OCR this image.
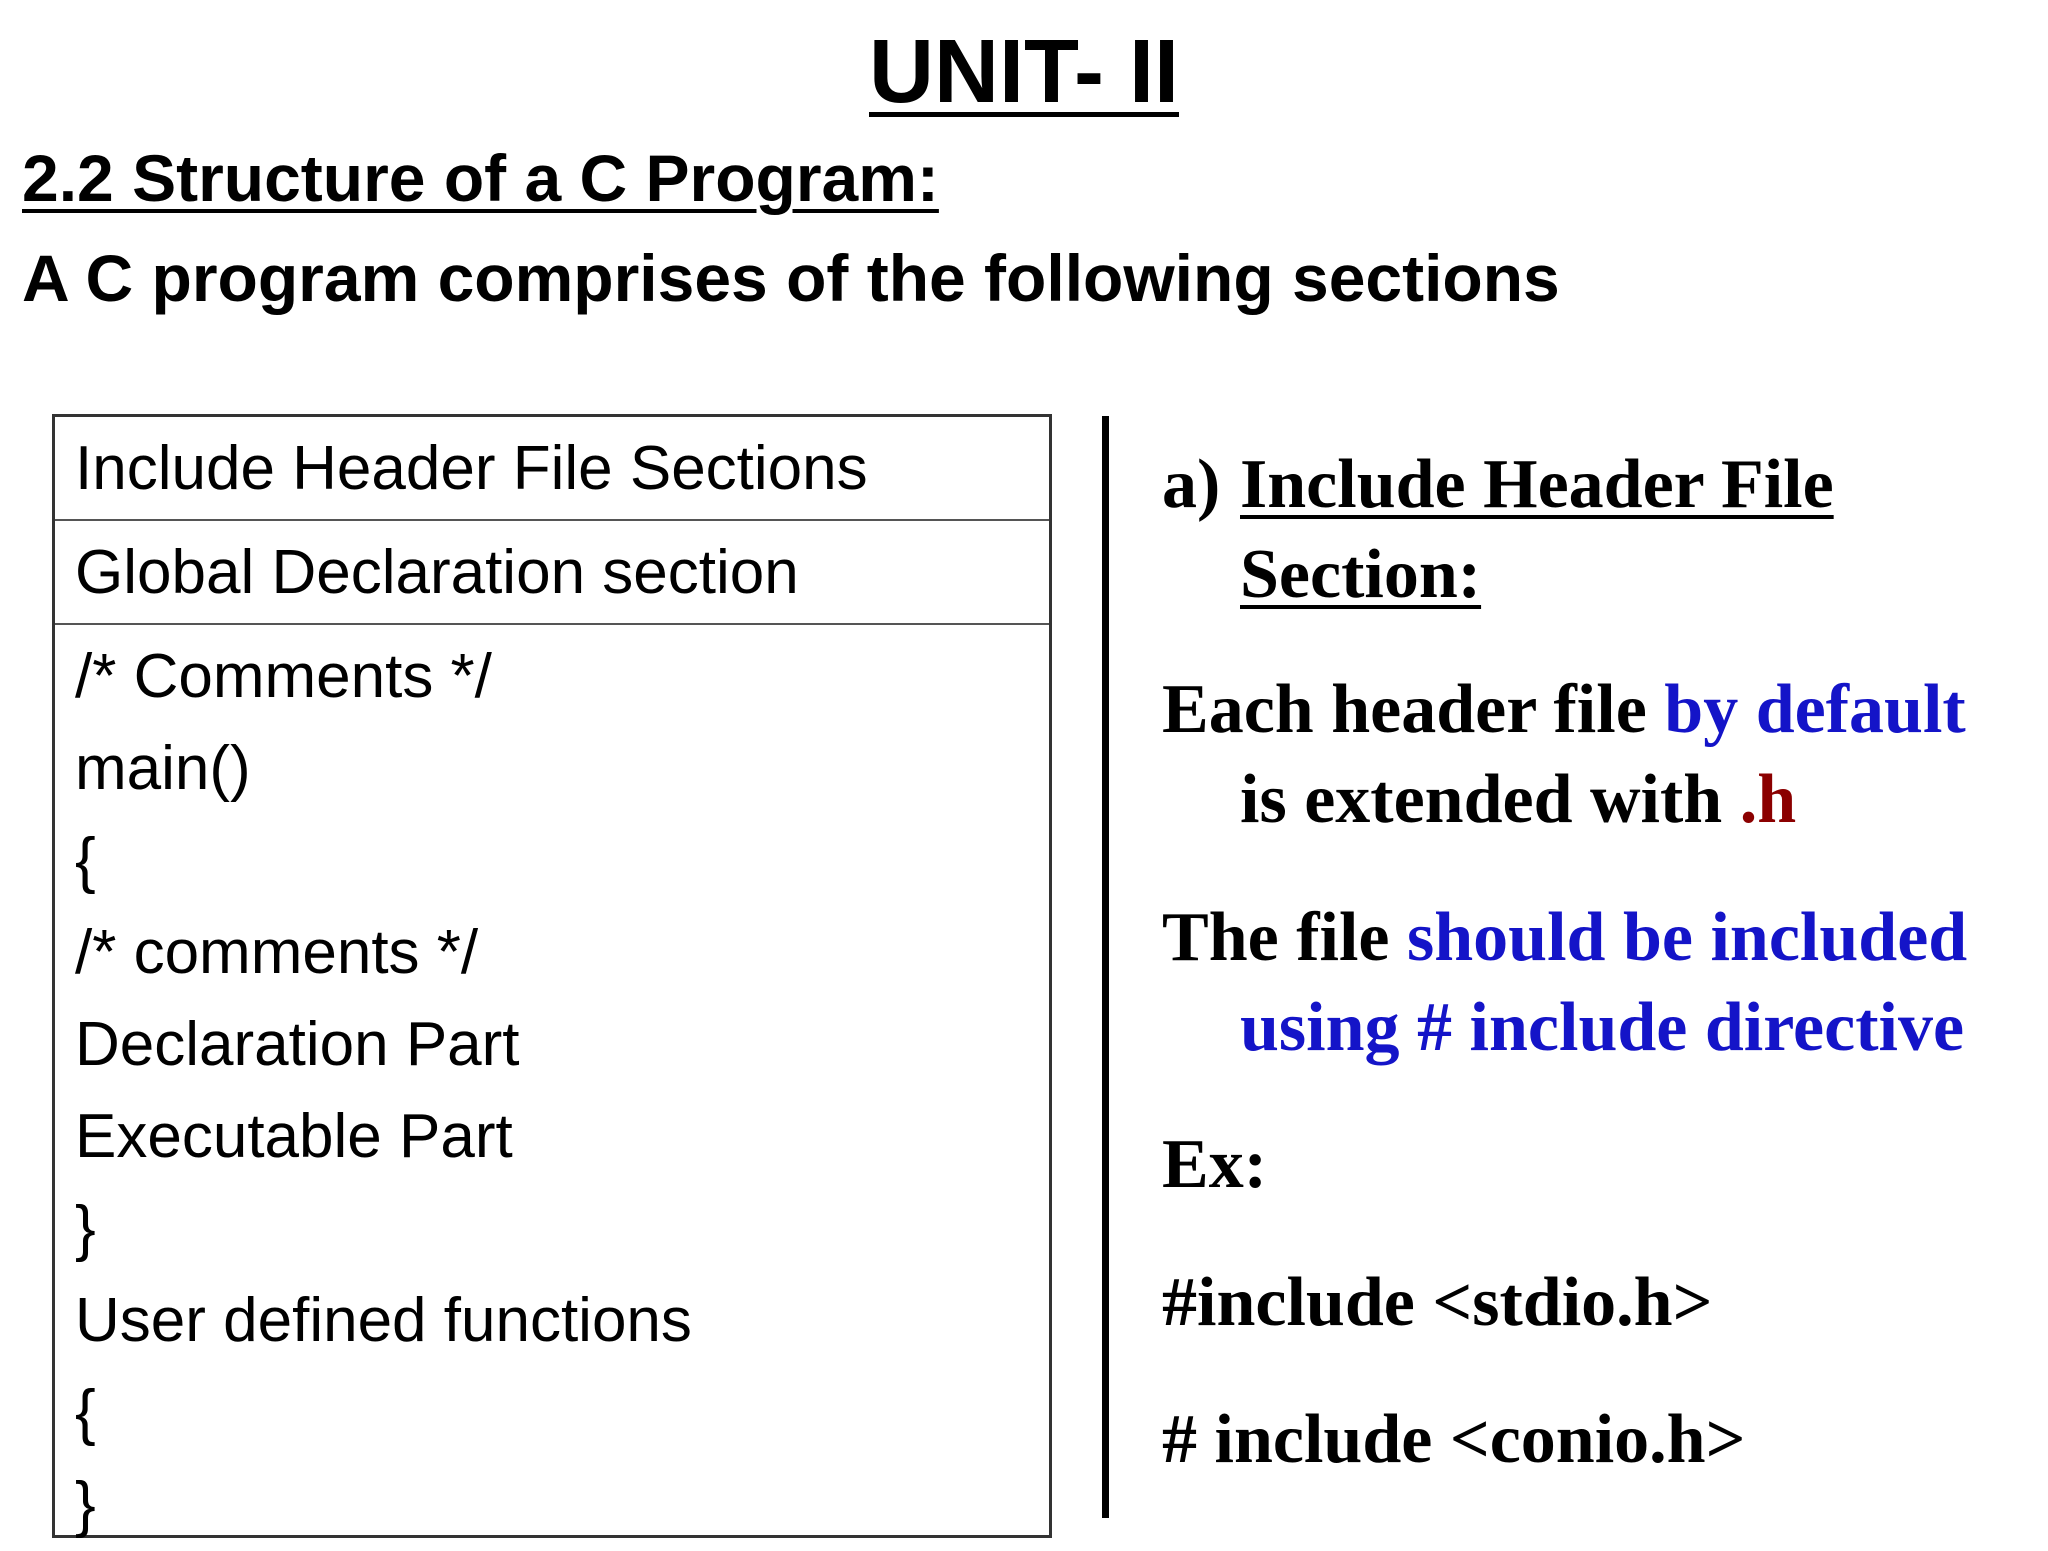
UNIT- II
2.2 Structure of a C Program:
A C program comprises of the following sections
Include Header File Sections
Global Declaration section
/* Comments */
main()
{
/* comments */
Declaration Part
Executable Part
}
User defined functions
{
}
a) Include Header File
Section:
Each header file by default
is extended with .h
The file should be included
using # include directive
Ex:
#include <stdio.h>
# include <conio.h>
